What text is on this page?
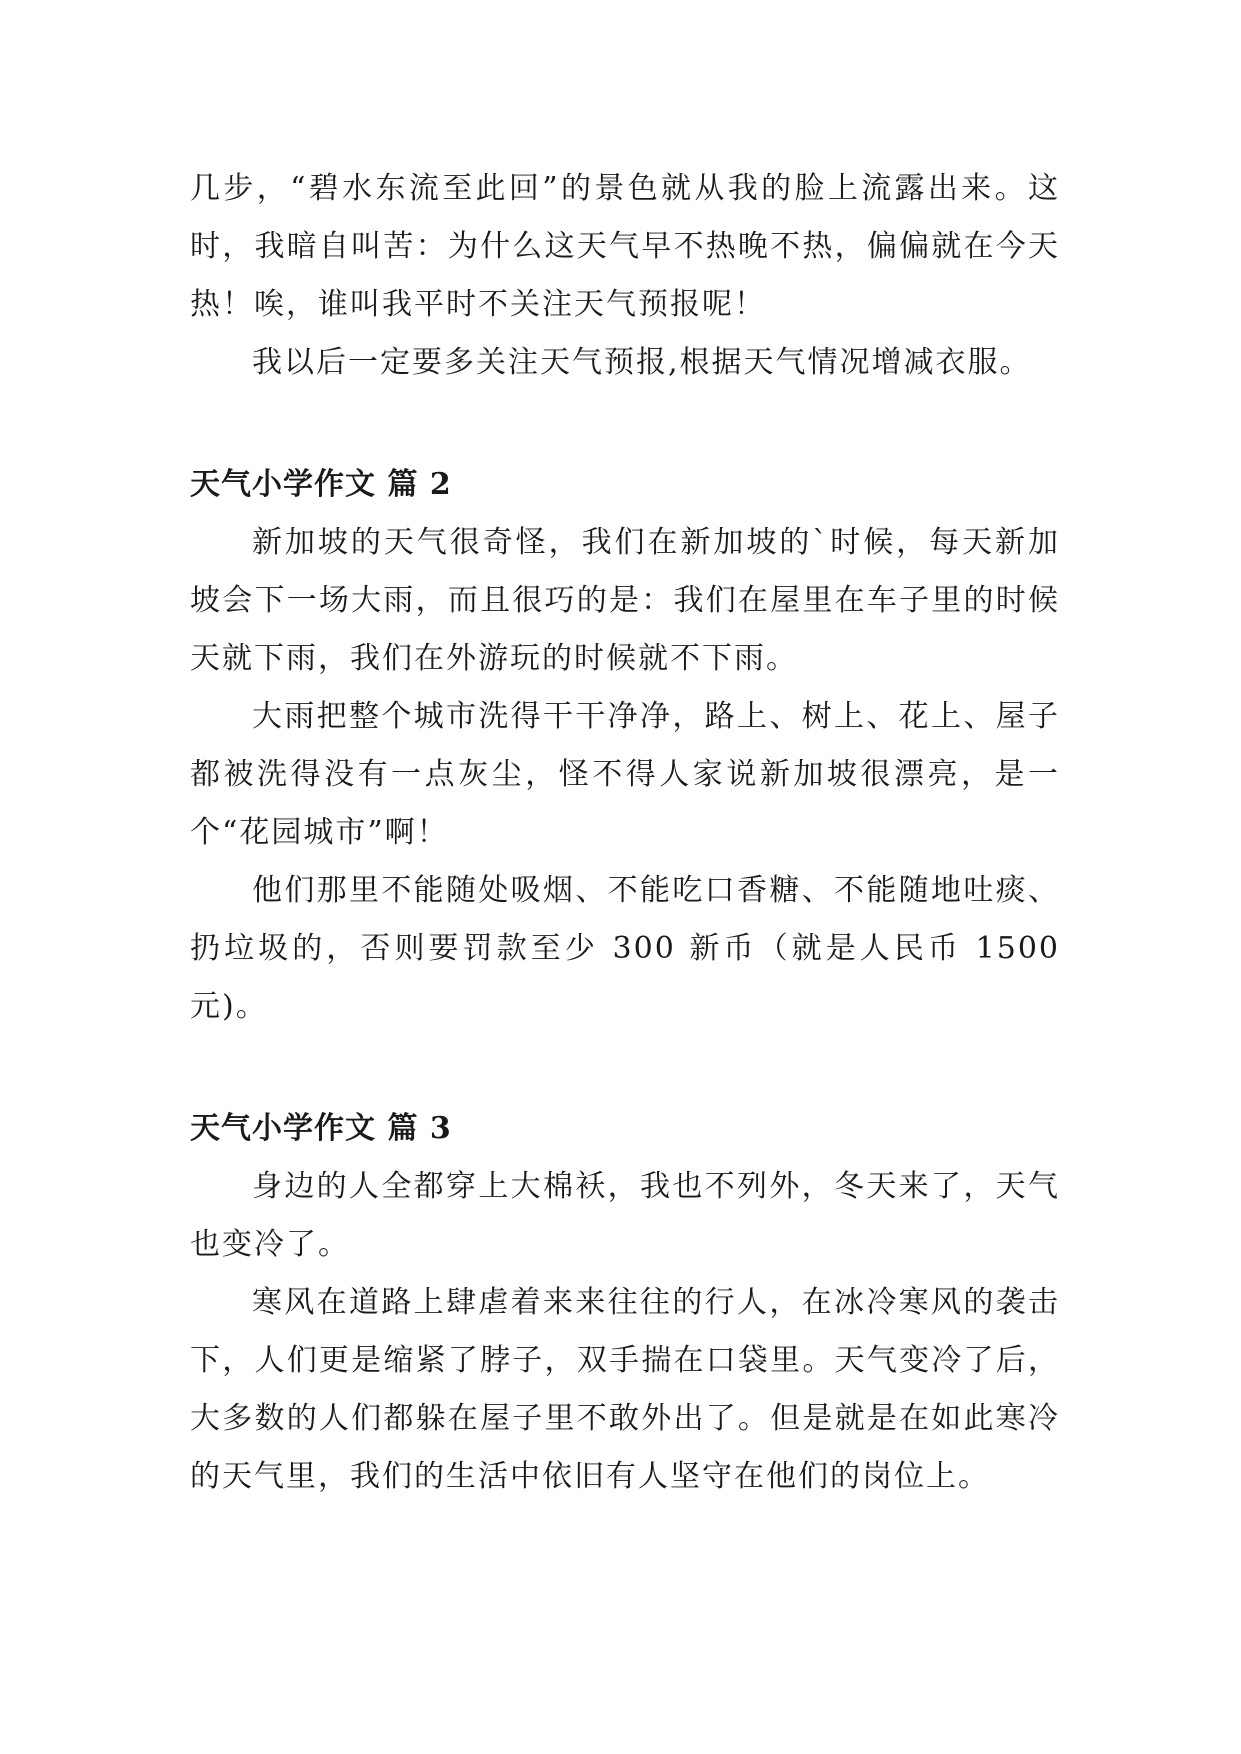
几步，“碧水东流至此回”的景色就从我的脸上流露出来。这时，我暗自叫苦：为什么这天气早不热晚不热，偏偏就在今天热！唉，谁叫我平时不关注天气预报呢！

我以后一定要多关注天气预报,根据天气情况增减衣服。

天气小学作文 篇 2

新加坡的天气很奇怪，我们在新加坡的`时候，每天新加坡会下一场大雨，而且很巧的是：我们在屋里在车子里的时候天就下雨，我们在外游玩的时候就不下雨。

大雨把整个城市洗得干干净净，路上、树上、花上、屋子都被洗得没有一点灰尘，怪不得人家说新加坡很漂亮，是一个“花园城市”啊！

他们那里不能随处吸烟、不能吃口香糖、不能随地吐痰、扔垃圾的，否则要罚款至少 300 新币（就是人民币 1500 元)。

天气小学作文 篇 3

身边的人全都穿上大棉袄，我也不列外，冬天来了，天气也变冷了。

寒风在道路上肆虐着来来往往的行人，在冰冷寒风的袭击下，人们更是缩紧了脖子，双手揣在口袋里。天气变冷了后，大多数的人们都躲在屋子里不敢外出了。但是就是在如此寒冷的天气里，我们的生活中依旧有人坚守在他们的岗位上。
